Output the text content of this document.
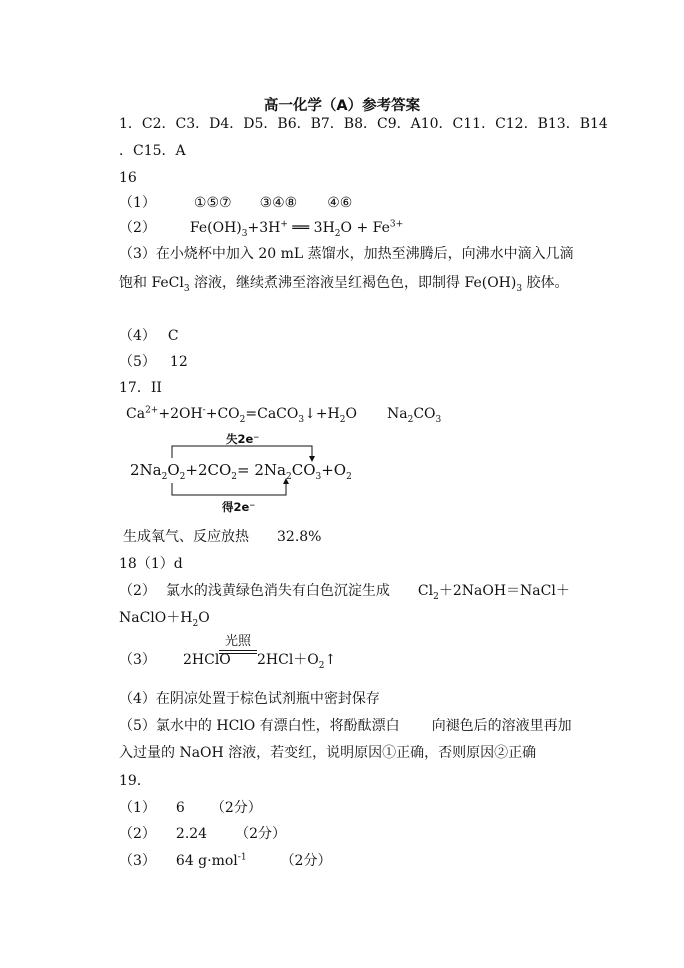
高一化学（A）参考答案
1．C2．C3．D4．D5．B6．B7．B8．C9．A10．C11．C12．B13．B14
．C15．A
16
（1）	①⑤⑦ ③④⑧ ④⑥
（2） $Fe(OH)_3+3H^+$ ══ $3H_2O + Fe^{3+}$
（3）在小烧杯中加入 20 mL 蒸馏水，加热至沸腾后，向沸水中滴入几滴
饱和 FeCl$_3$ 溶液，继续煮沸至溶液呈红褐色色，即制得 $Fe(OH)_3$ 胶体。
（4） C
（5） 12
17．II
$Ca^{2+}+2OH^-+CO_2=CaCO_3↓+H_2O$ $Na_2CO_3$
失2e⁻
$2Na_2O_2+2CO_2= 2Na_2CO_3+O_2$
得2e⁻
生成氧气、反应放热 32.8%
18（1）d
（2） 氯水的浅黄绿色消失有白色沉淀生成 $Cl_2+2NaOH=NaCl+$
$NaClO+H_2O$
（3） 2HClO
光照
$2HCl+O_2↑$
（4）在阴凉处置于棕色试剂瓶中密封保存
（5）氯水中的 HClO 有漂白性，将酚酞漂白 向褪色后的溶液里再加
入过量的 NaOH 溶液，若变红，说明原因①正确，否则原因②正确
19．
（1） 6 （2分）
（2） 2.24 （2分）
（3） 64 g·mol$^{-1}$ （2分）
